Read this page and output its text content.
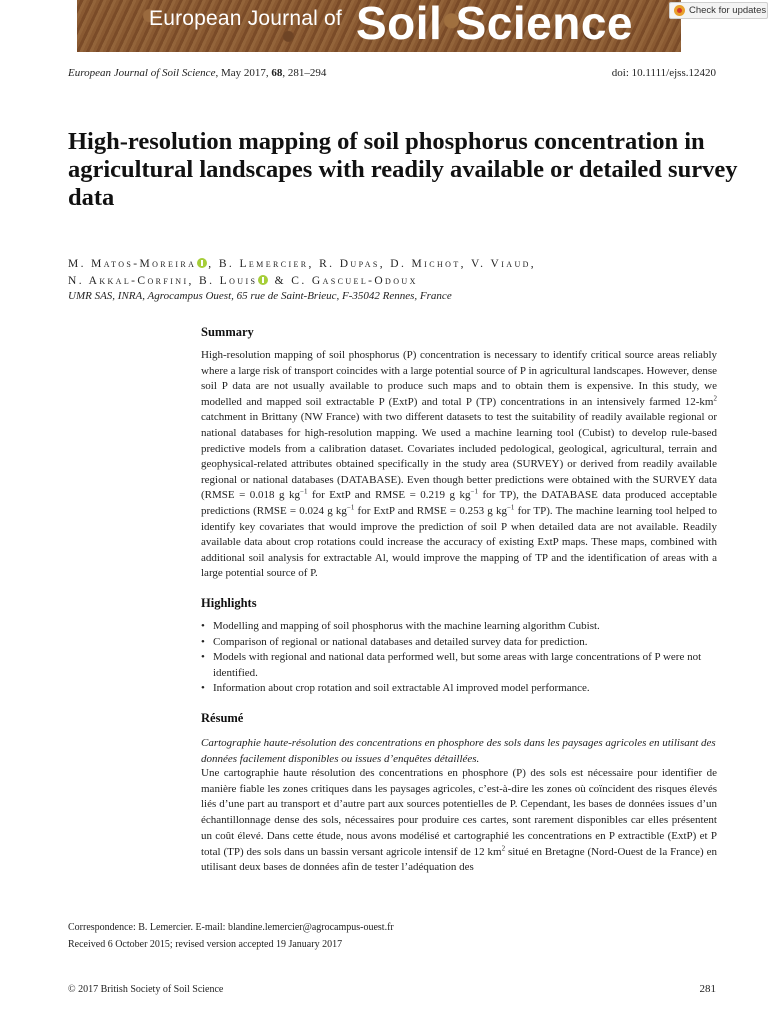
European Journal of Soil Science	Check for updates
European Journal of Soil Science, May 2017, 68, 281–294	doi: 10.1111/ejss.12420
High-resolution mapping of soil phosphorus concentration in agricultural landscapes with readily available or detailed survey data
M. Matos-Moreira , B. Lemercier, R. Dupas, D. Michot, V. Viaud,
N. Akkal-Corfini, B. Louis & C. Gascuel-Odoux
UMR SAS, INRA, Agrocampus Ouest, 65 rue de Saint-Brieuc, F-35042 Rennes, France
Summary
High-resolution mapping of soil phosphorus (P) concentration is necessary to identify critical source areas reliably where a large risk of transport coincides with a large potential source of P in agricultural landscapes. However, dense soil P data are not usually available to produce such maps and to obtain them is expensive. In this study, we modelled and mapped soil extractable P (ExtP) and total P (TP) concentrations in an intensively farmed $12-km^2$ catchment in Brittany (NW France) with two different datasets to test the suitability of readily available regional or national databases for high-resolution mapping. We used a machine learning tool (Cubist) to develop rule-based predictive models from a calibration dataset. Covariates included pedological, geological, agricultural, terrain and geophysical-related attributes obtained specifically in the study area (SURVEY) or derived from readily available regional or national databases (DATABASE). Even though better predictions were obtained with the SURVEY data (RMSE = 0.018 g $kg^{-1}$ for ExtP and RMSE = 0.219 g $kg^{-1}$ for TP), the DATABASE data produced acceptable predictions (RMSE = 0.024 g $kg^{-1}$ for ExtP and RMSE = 0.253 g $kg^{-1}$ for TP). The machine learning tool helped to identify key covariates that would improve the prediction of soil P when detailed data are not available. Readily available data about crop rotations could increase the accuracy of existing ExtP maps. These maps, combined with additional soil analysis for extractable Al, would improve the mapping of TP and the identification of areas with a large potential source of P.
Highlights
• Modelling and mapping of soil phosphorus with the machine learning algorithm Cubist.
• Comparison of regional or national databases and detailed survey data for prediction.
• Models with regional and national data performed well, but some areas with large concentrations of P were not identified.
• Information about crop rotation and soil extractable Al improved model performance.
Résumé
Cartographie haute-résolution des concentrations en phosphore des sols dans les paysages agricoles en utilisant des données facilement disponibles ou issues d’enquêtes détaillées.
Une cartographie haute résolution des concentrations en phosphore (P) des sols est nécessaire pour identifier de manière fiable les zones critiques dans les paysages agricoles, c’est-à-dire les zones où coïncident des risques élevés liés d’une part au transport et d’autre part aux sources potentielles de P. Cependant, les bases de données issues d’un échantillonnage dense des sols, nécessaires pour produire ces cartes, sont rarement disponibles car elles présentent un coût élevé. Dans cette étude, nous avons modélisé et cartographié les concentrations en P extractible (ExtP) et P total (TP) des sols dans un bassin versant agricole intensif de 12 $km^2$ situé en Bretagne (Nord-Ouest de la France) en utilisant deux bases de données afin de tester l’adéquation des
Correspondence: B. Lemercier. E-mail: blandine.lemercier@agrocampus-ouest.fr
Received 6 October 2015; revised version accepted 19 January 2017
© 2017 British Society of Soil Science	281
